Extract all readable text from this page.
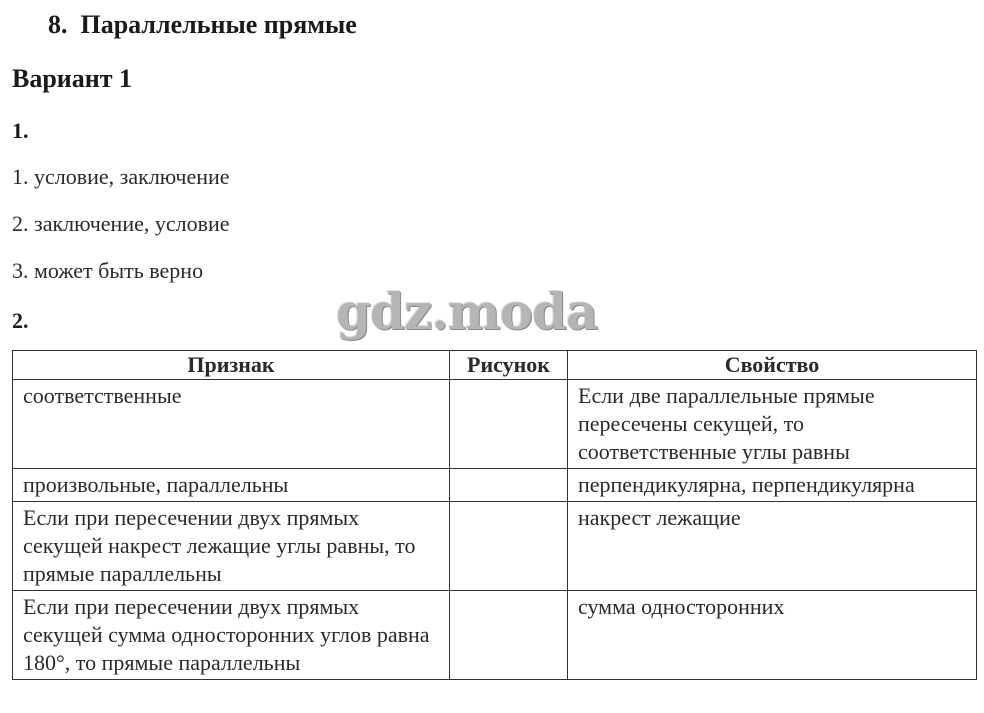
8. Параллельные прямые
Вариант 1
1.
1. условие, заключение
2. заключение, условие
3. может быть верно
2.	gdz.moda
Признак	Рисунок	Свойство
соответственные		Если две параллельные прямые пересечены секущей, то соответственные углы равны
произвольные, параллельны		перпендикулярна, перпендикулярна
Если при пересечении двух прямых секущей накрест лежащие углы равны, то прямые параллельны		накрест лежащие
Если при пересечении двух прямых секущей сумма односторонних углов равна 180°, то прямые параллельны		сумма односторонних
